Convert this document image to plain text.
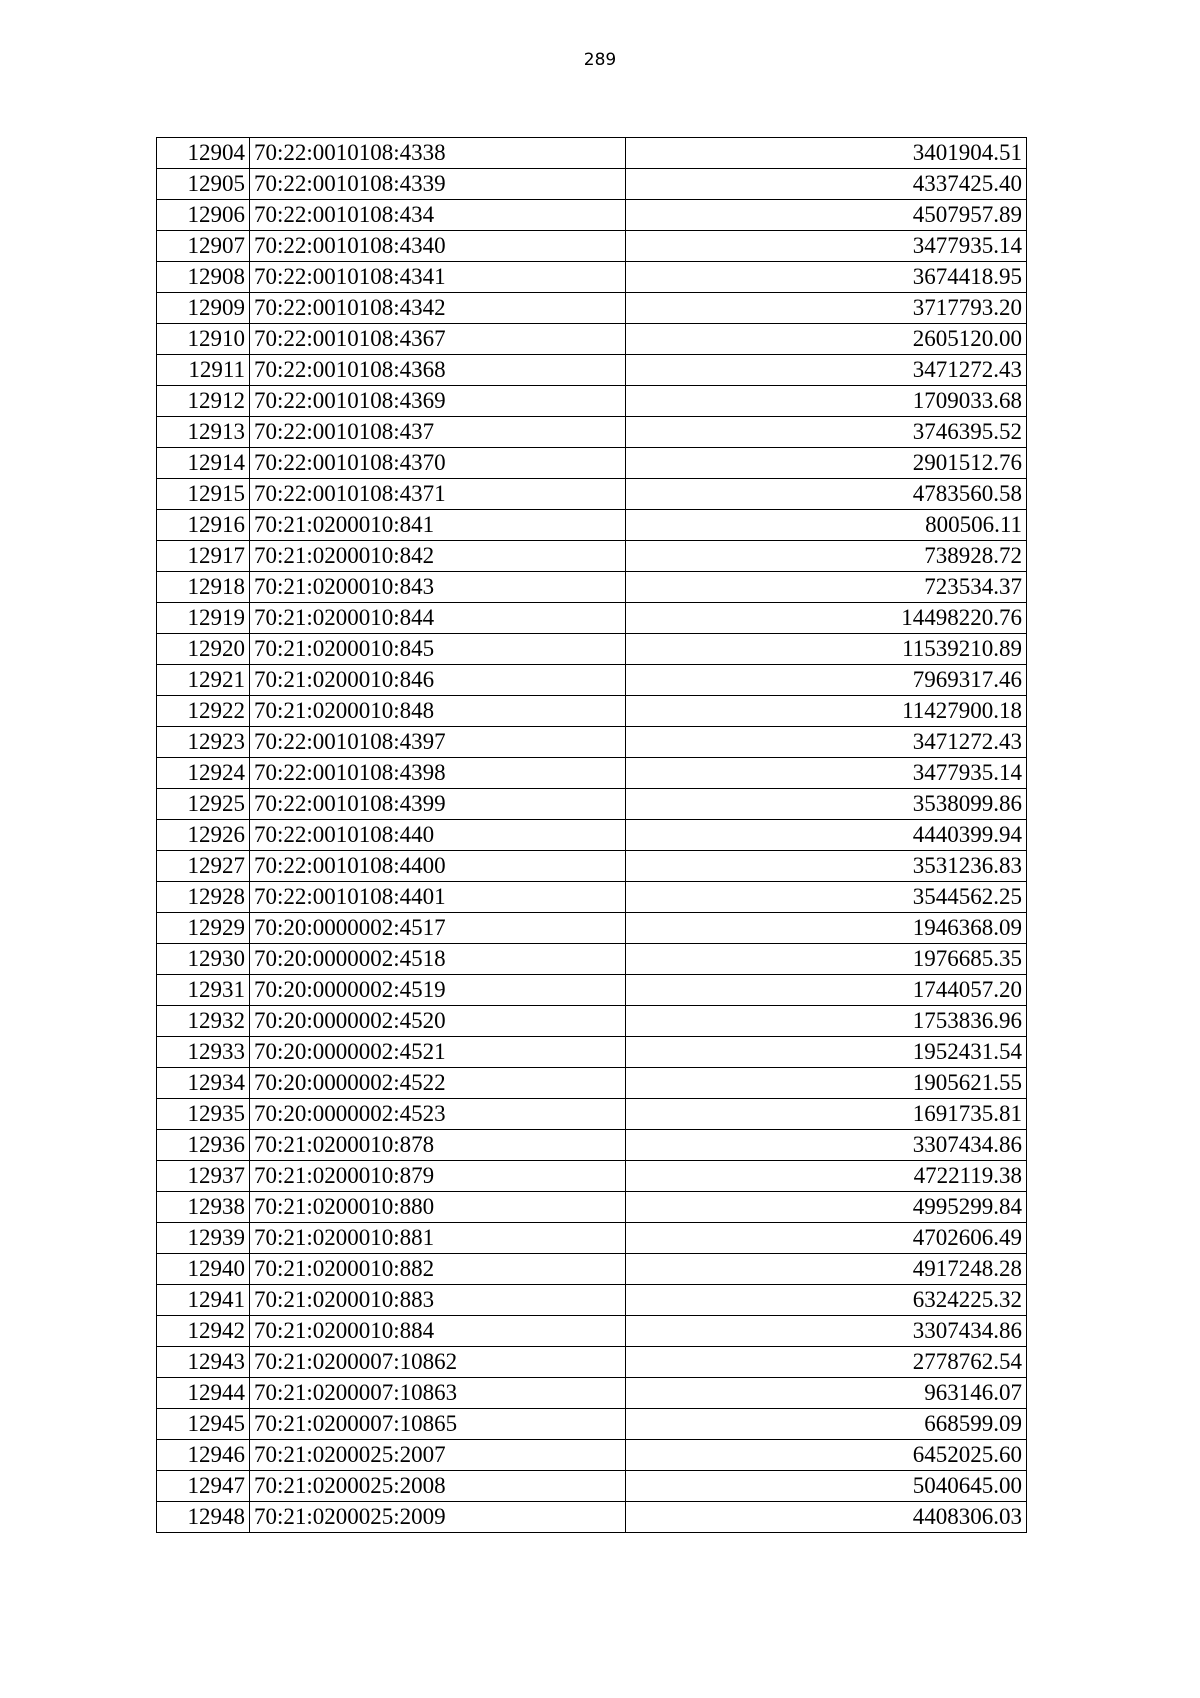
289
12904	70:22:0010108:4338	3401904.51
12905	70:22:0010108:4339	4337425.40
12906	70:22:0010108:434	4507957.89
12907	70:22:0010108:4340	3477935.14
12908	70:22:0010108:4341	3674418.95
12909	70:22:0010108:4342	3717793.20
12910	70:22:0010108:4367	2605120.00
12911	70:22:0010108:4368	3471272.43
12912	70:22:0010108:4369	1709033.68
12913	70:22:0010108:437	3746395.52
12914	70:22:0010108:4370	2901512.76
12915	70:22:0010108:4371	4783560.58
12916	70:21:0200010:841	800506.11
12917	70:21:0200010:842	738928.72
12918	70:21:0200010:843	723534.37
12919	70:21:0200010:844	14498220.76
12920	70:21:0200010:845	11539210.89
12921	70:21:0200010:846	7969317.46
12922	70:21:0200010:848	11427900.18
12923	70:22:0010108:4397	3471272.43
12924	70:22:0010108:4398	3477935.14
12925	70:22:0010108:4399	3538099.86
12926	70:22:0010108:440	4440399.94
12927	70:22:0010108:4400	3531236.83
12928	70:22:0010108:4401	3544562.25
12929	70:20:0000002:4517	1946368.09
12930	70:20:0000002:4518	1976685.35
12931	70:20:0000002:4519	1744057.20
12932	70:20:0000002:4520	1753836.96
12933	70:20:0000002:4521	1952431.54
12934	70:20:0000002:4522	1905621.55
12935	70:20:0000002:4523	1691735.81
12936	70:21:0200010:878	3307434.86
12937	70:21:0200010:879	4722119.38
12938	70:21:0200010:880	4995299.84
12939	70:21:0200010:881	4702606.49
12940	70:21:0200010:882	4917248.28
12941	70:21:0200010:883	6324225.32
12942	70:21:0200010:884	3307434.86
12943	70:21:0200007:10862	2778762.54
12944	70:21:0200007:10863	963146.07
12945	70:21:0200007:10865	668599.09
12946	70:21:0200025:2007	6452025.60
12947	70:21:0200025:2008	5040645.00
12948	70:21:0200025:2009	4408306.03
